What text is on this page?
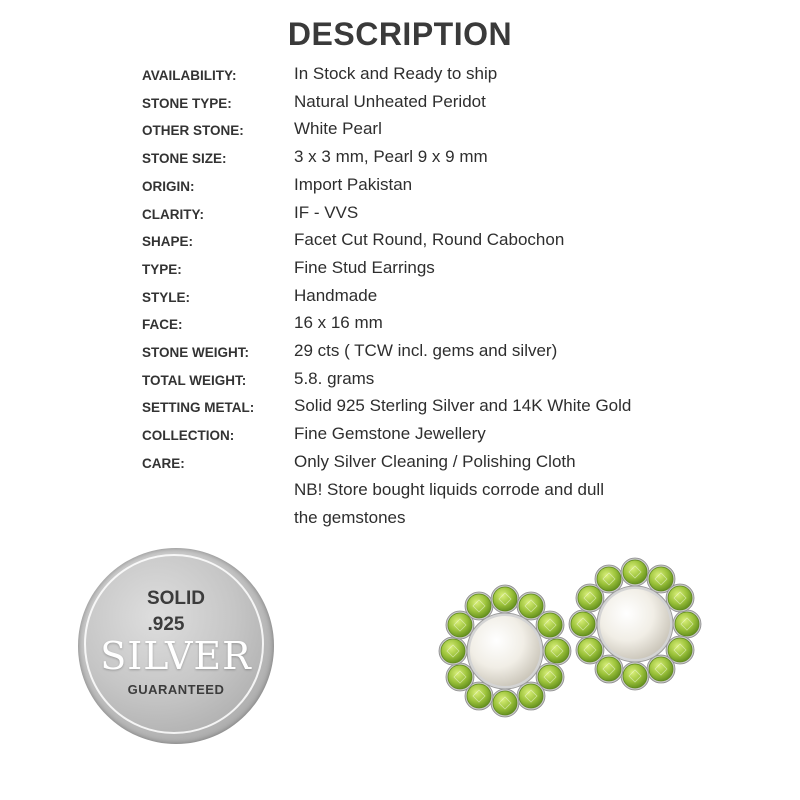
DESCRIPTION
AVAILABILITY:	In Stock and Ready to ship
STONE TYPE:	Natural Unheated Peridot
OTHER STONE:	White Pearl
STONE SIZE:	3 x 3 mm, Pearl 9 x 9 mm
ORIGIN:	Import Pakistan
CLARITY:	IF - VVS
SHAPE:	Facet Cut Round, Round Cabochon
TYPE:	Fine Stud Earrings
STYLE:	Handmade
FACE:	16 x 16 mm
STONE WEIGHT:	29 cts ( TCW incl. gems and silver)
TOTAL WEIGHT:	5.8. grams
SETTING METAL: Solid 925 Sterling Silver and 14K White Gold
COLLECTION:	Fine Gemstone Jewellery
CARE:	Only Silver Cleaning / Polishing Cloth
NB! Store bought liquids corrode and dull
the gemstones
SOLID
.925
SILVER
GUARANTEED
